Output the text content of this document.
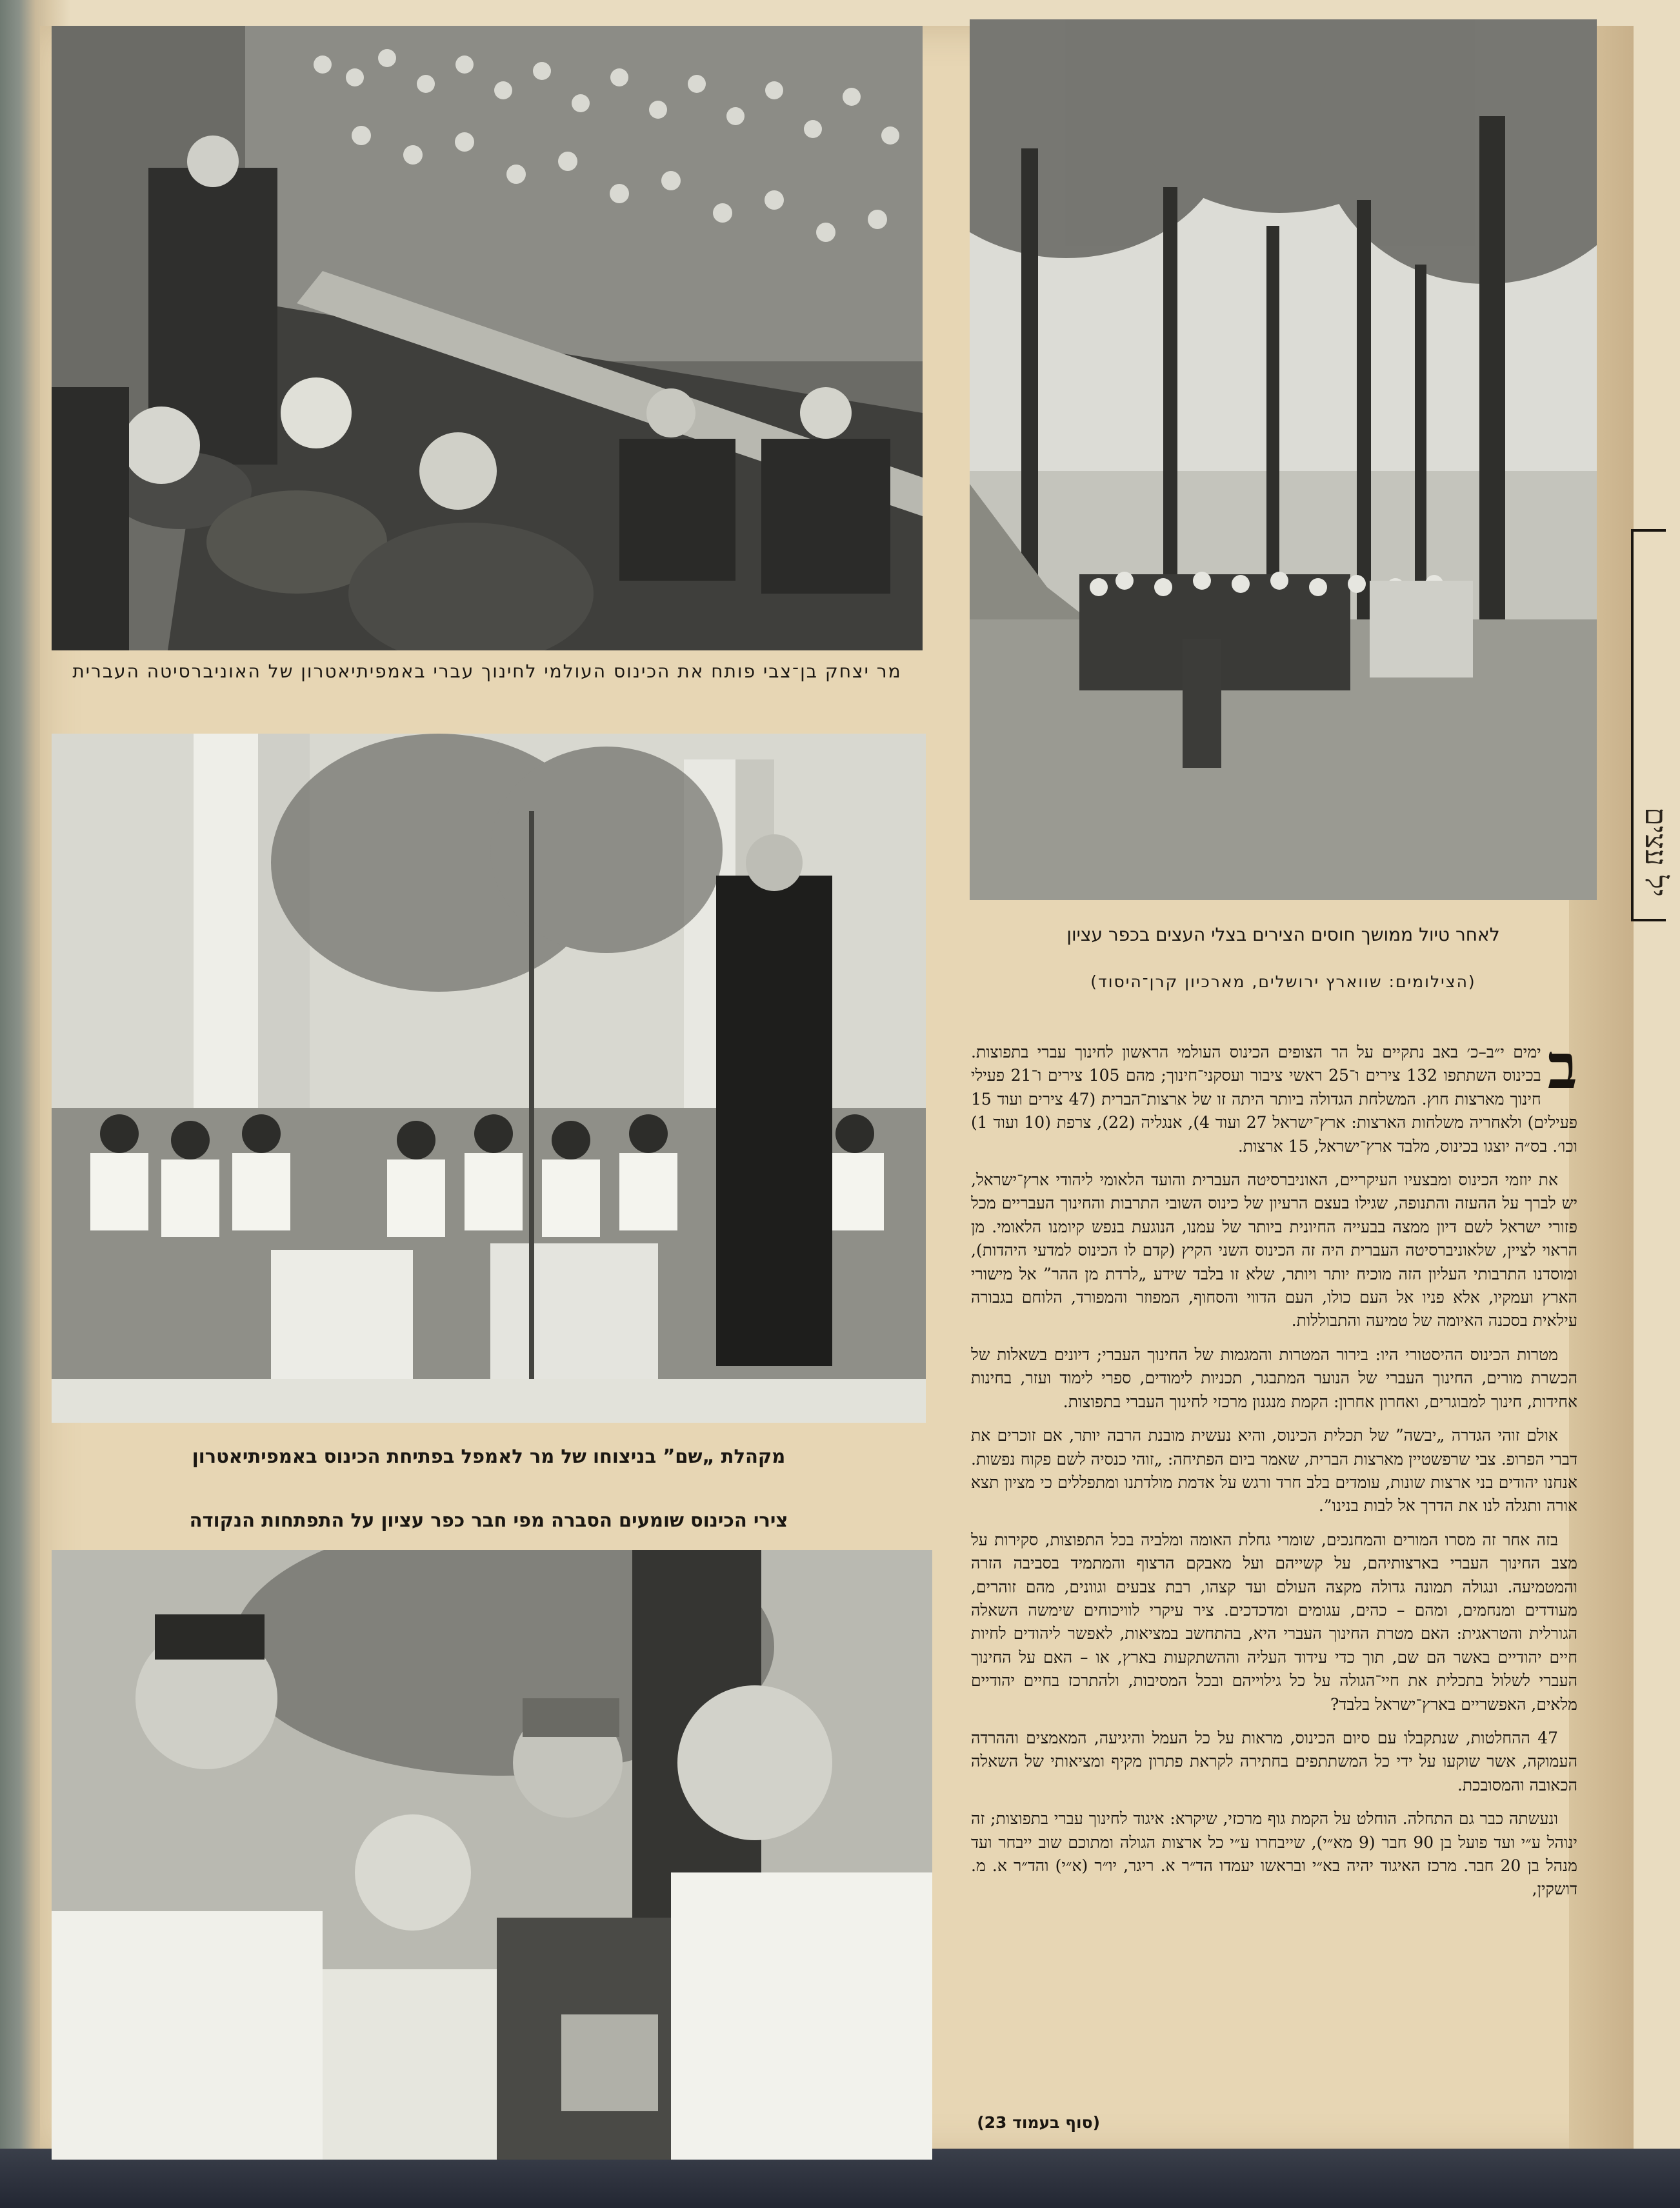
מר יצחק בן־צבי פותח את הכינוס העולמי לחינוך עברי באמפיתיאטרון של האוניברסיטה העברית
לאחר טיול ממושך חוסים הצירים בצלי העצים בכפר עציון
(הצילומים: שווארץ ירושלים, מארכיון קרן־היסוד)
מקהלת „שם” בניצוחו של מר לאמפל בפתיחת הכינוס באמפיתיאטרון
צירי הכינוס שומעים הסברה מפי חבר כפר עציון על התפתחות הנקודה

ב
ימים י״ב–כ׳ באב נתקיים על הר הצופים הכינוס העולמי הראשון לחינוך עברי בתפוצות. בכינוס השתתפו 132 צירים ו־25 ראשי ציבור ועסקני־חינוך; מהם 105 צירים ו־21 פעילי חינוך מארצות חוץ. המשלחת הגדולה ביותר היתה זו של ארצות־הברית (47 צירים ועוד 15 פעילים) ולאחריה משלחות הארצות: ארץ־ישראל 27 ועוד 4), אנגליה (22), צרפת (10 ועוד 1) וכו׳. בס״ה יוצגו בכינוס, מלבד ארץ־ישראל, 15 ארצות.

את יוזמי הכינוס ומבצעיו העיקריים, האוניברסיטה העברית והועד הלאומי ליהודי ארץ־ישראל, יש לברך על ההעזה והתנופה, שגילו בעצם הרעיון של כינוס השובי התרבות והחינוך העבריים מכל פזורי ישראל לשם דיון ממצה בבעייה החיונית ביותר של עמנו, הנוגעת בנפש קיומנו הלאומי. מן הראוי לציין, שלאוניברסיטה העברית היה זה הכינוס השני הקיץ (קדם לו הכינוס למדעי היהדות), ומוסדנו התרבותי העליון הזה מוכיח יותר ויותר, שלא זו בלבד שידע „לרדת מן ההר” אל מישורי הארץ ועמקיו, אלא פניו אל העם כולו, העם הדווי והסחוף, המפוזר והמפורד, הלוחם בגבורה עילאית בסכנה האיומה של טמיעה והתבוללות.

מטרות הכינוס ההיסטורי היו: בירור המטרות והמגמות של החינוך העברי; דיונים בשאלות של הכשרת מורים, החינוך העברי של הנוער המתבגר, תכניות לימודים, ספרי לימוד ועזר, בחינות אחידות, חינוך למבוגרים, ואחרון אחרון: הקמת מנגנון מרכזי לחינוך העברי בתפוצות.

אולם זוהי הגדרה „יבשה” של תכלית הכינוס, והיא נעשית מובנת הרבה יותר, אם זוכרים את דברי הפרופ. צבי שרפשטיין מארצות הברית, שאמר ביום הפתיחה: „זוהי כנסיה לשם פקוח נפשות. אנחנו יהודים בני ארצות שונות, עומדים בלב חרד ורגש על אדמת מולדתנו ומתפללים כי מציון תצא אורה ותגלה לנו את הדרך אל לבות בנינו”.

בזה אחר זה מסרו המורים והמחנכים, שומרי גחלת האומה ומלביה בכל התפוצות, סקירות על מצב החינוך העברי בארצותיהם, על קשייהם ועל מאבקם הרצוף והמתמיד בסביבה הזרה והמטמיעה. ונגולה תמונה גדולה מקצה העולם ועד קצהו, רבת צבעים וגוונים, מהם זוהרים, מעודדים ומנחמים, ומהם – כהים, עגומים ומדכדכים. ציר עיקרי לוויכוחים שימשה השאלה הגורלית והטראגית: האם מטרת החינוך העברי היא, בהתחשב במציאות, לאפשר ליהודים לחיות חיים יהודיים באשר הם שם, תוך כדי עידוד העליה וההשתקעות בארץ, או – האם על החינוך העברי לשלול בתכלית את חיי־הגולה על כל גילוייהם ובכל המסיבות, ולהתרכז בחיים יהודיים מלאים, האפשריים בארץ־ישראל בלבד?

47 ההחלטות, שנתקבלו עם סיום הכינוס, מראות על כל העמל והיגיעה, המאמצים וההרדה העמוקה, אשר שוקעו על ידי כל המשתתפים בחתירה לקראת פתרון מקיף ומציאותי של השאלה הכאובה והמסובכת.

ונעשתה כבר גם התחלה. הוחלט על הקמת גוף מרכזי, שיקרא: איגוד לחינוך עברי בתפוצות; זה ינוהל ע״י ועד פועל בן 90 חבר (9 מא״י), שייבחרו ע״י כל ארצות הגולה ומתוכם שוב ייבחר ועד מנהל בן 20 חבר. מרכז האיגוד יהיה בא״י ובראשו יעמדו הד״ר א. ריגר, יו״ר (א״י) והד״ר א. מ. דושקין,

(סוף בעמוד 23)
יל עצים
